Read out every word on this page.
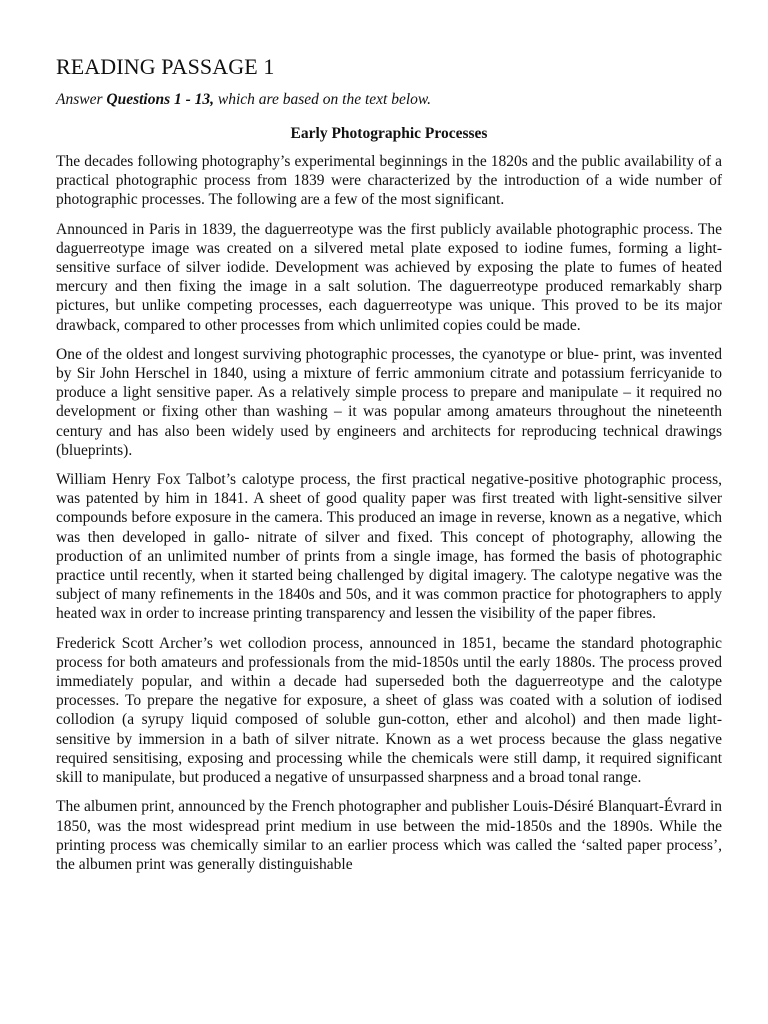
READING PASSAGE 1

Answer Questions 1 - 13, which are based on the text below.

Early Photographic Processes

The decades following photography’s experimental beginnings in the 1820s and the public availability of a practical photographic process from 1839 were characterized by the introduction of a wide number of photographic processes. The following are a few of the most significant.

Announced in Paris in 1839, the daguerreotype was the first publicly available photographic process. The daguerreotype image was created on a silvered metal plate exposed to iodine fumes, forming a light-sensitive surface of silver iodide. Development was achieved by exposing the plate to fumes of heated mercury and then fixing the image in a salt solution. The daguerreotype produced remarkably sharp pictures, but unlike competing processes, each daguerreotype was unique. This proved to be its major drawback, compared to other processes from which unlimited copies could be made.

One of the oldest and longest surviving photographic processes, the cyanotype or blue- print, was invented by Sir John Herschel in 1840, using a mixture of ferric ammonium citrate and potassium ferricyanide to produce a light sensitive paper. As a relatively simple process to prepare and manipulate – it required no development or fixing other than washing – it was popular among amateurs throughout the nineteenth century and has also been widely used by engineers and architects for reproducing technical drawings (blueprints).

William Henry Fox Talbot’s calotype process, the first practical negative-positive photographic process, was patented by him in 1841. A sheet of good quality paper was first treated with light-sensitive silver compounds before exposure in the camera. This produced an image in reverse, known as a negative, which was then developed in gallo- nitrate of silver and fixed. This concept of photography, allowing the production of an unlimited number of prints from a single image, has formed the basis of photographic practice until recently, when it started being challenged by digital imagery. The calotype negative was the subject of many refinements in the 1840s and 50s, and it was common practice for photographers to apply heated wax in order to increase printing transparency and lessen the visibility of the paper fibres.

Frederick Scott Archer’s wet collodion process, announced in 1851, became the standard photographic process for both amateurs and professionals from the mid-1850s until the early 1880s. The process proved immediately popular, and within a decade had superseded both the daguerreotype and the calotype processes. To prepare the negative for exposure, a sheet of glass was coated with a solution of iodised collodion (a syrupy liquid composed of soluble gun-cotton, ether and alcohol) and then made light-sensitive by immersion in a bath of silver nitrate. Known as a wet process because the glass negative required sensitising, exposing and processing while the chemicals were still damp, it required significant skill to manipulate, but produced a negative of unsurpassed sharpness and a broad tonal range.

The albumen print, announced by the French photographer and publisher Louis-Désiré Blanquart-Évrard in 1850, was the most widespread print medium in use between the mid-1850s and the 1890s. While the printing process was chemically similar to an earlier process which was called the ‘salted paper process’, the albumen print was generally distinguishable
